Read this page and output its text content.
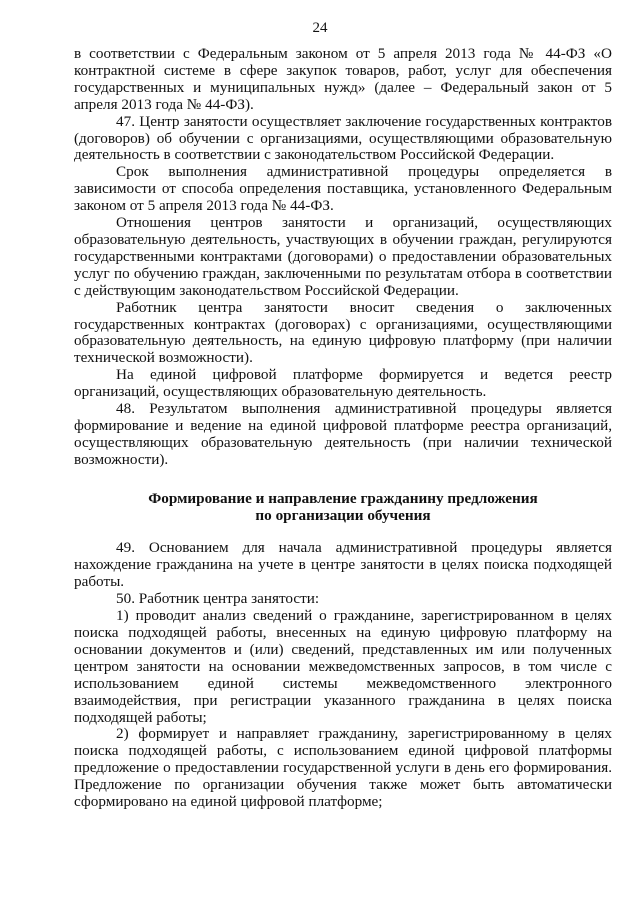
24

в соответствии с Федеральным законом от 5 апреля 2013 года № 44-ФЗ «О контрактной системе в сфере закупок товаров, работ, услуг для обеспечения государственных и муниципальных нужд» (далее – Федеральный закон от 5 апреля 2013 года № 44-ФЗ).

47. Центр занятости осуществляет заключение государственных контрактов (договоров) об обучении с организациями, осуществляющими образовательную деятельность в соответствии с законодательством Российской Федерации.

Срок выполнения административной процедуры определяется в зависимости от способа определения поставщика, установленного Федеральным законом от 5 апреля 2013 года № 44-ФЗ.

Отношения центров занятости и организаций, осуществляющих образовательную деятельность, участвующих в обучении граждан, регулируются государственными контрактами (договорами) о предоставлении образовательных услуг по обучению граждан, заключенными по результатам отбора в соответствии с действующим законодательством Российской Федерации.

Работник центра занятости вносит сведения о заключенных государственных контрактах (договорах) с организациями, осуществляющими образовательную деятельность, на единую цифровую платформу (при наличии технической возможности).

На единой цифровой платформе формируется и ведется реестр организаций, осуществляющих образовательную деятельность.

48. Результатом выполнения административной процедуры является формирование и ведение на единой цифровой платформе реестра организаций, осуществляющих образовательную деятельность (при наличии технической возможности).

Формирование и направление гражданину предложения
по организации обучения

49. Основанием для начала административной процедуры является нахождение гражданина на учете в центре занятости в целях поиска подходящей работы.

50. Работник центра занятости:

1) проводит анализ сведений о гражданине, зарегистрированном в целях поиска подходящей работы, внесенных на единую цифровую платформу на основании документов и (или) сведений, представленных им или полученных центром занятости на основании межведомственных запросов, в том числе с использованием единой системы межведомственного электронного взаимодействия, при регистрации указанного гражданина в целях поиска подходящей работы;

2) формирует и направляет гражданину, зарегистрированному в целях поиска подходящей работы, с использованием единой цифровой платформы предложение о предоставлении государственной услуги в день его формирования. Предложение по организации обучения также может быть автоматически сформировано на единой цифровой платформе;
